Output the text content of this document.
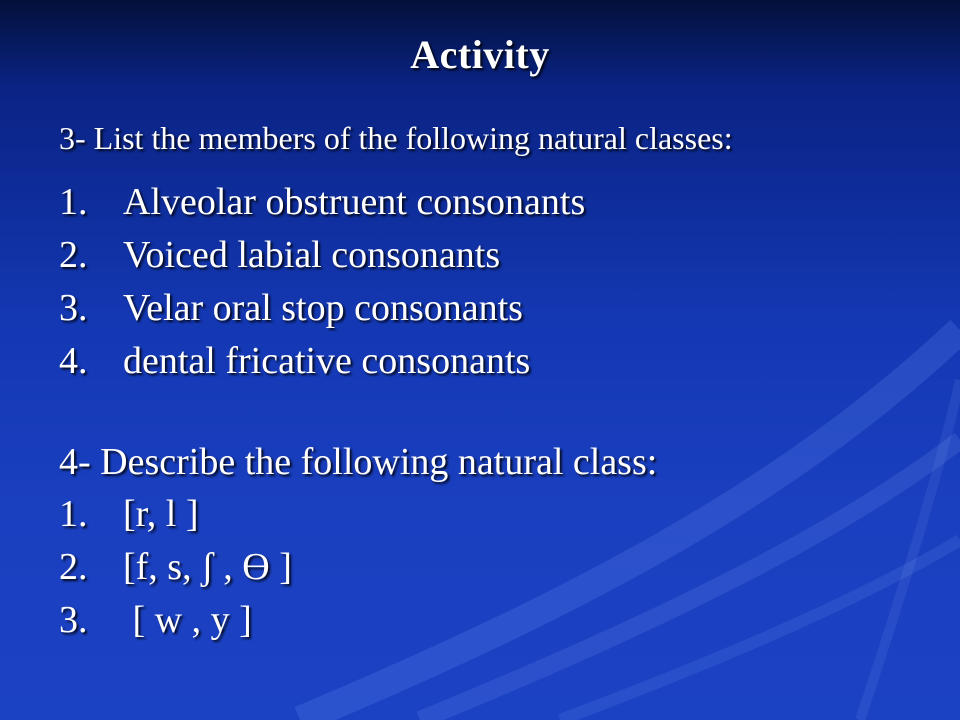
Activity
3- List the members of the following natural classes:
1. Alveolar obstruent consonants
2. Voiced labial consonants
3. Velar oral stop consonants
4. dental fricative consonants
4- Describe the following natural class:
1. [r, l ]
2. [f, s, ʃ , Ɵ ]
3. [ w , y ]
